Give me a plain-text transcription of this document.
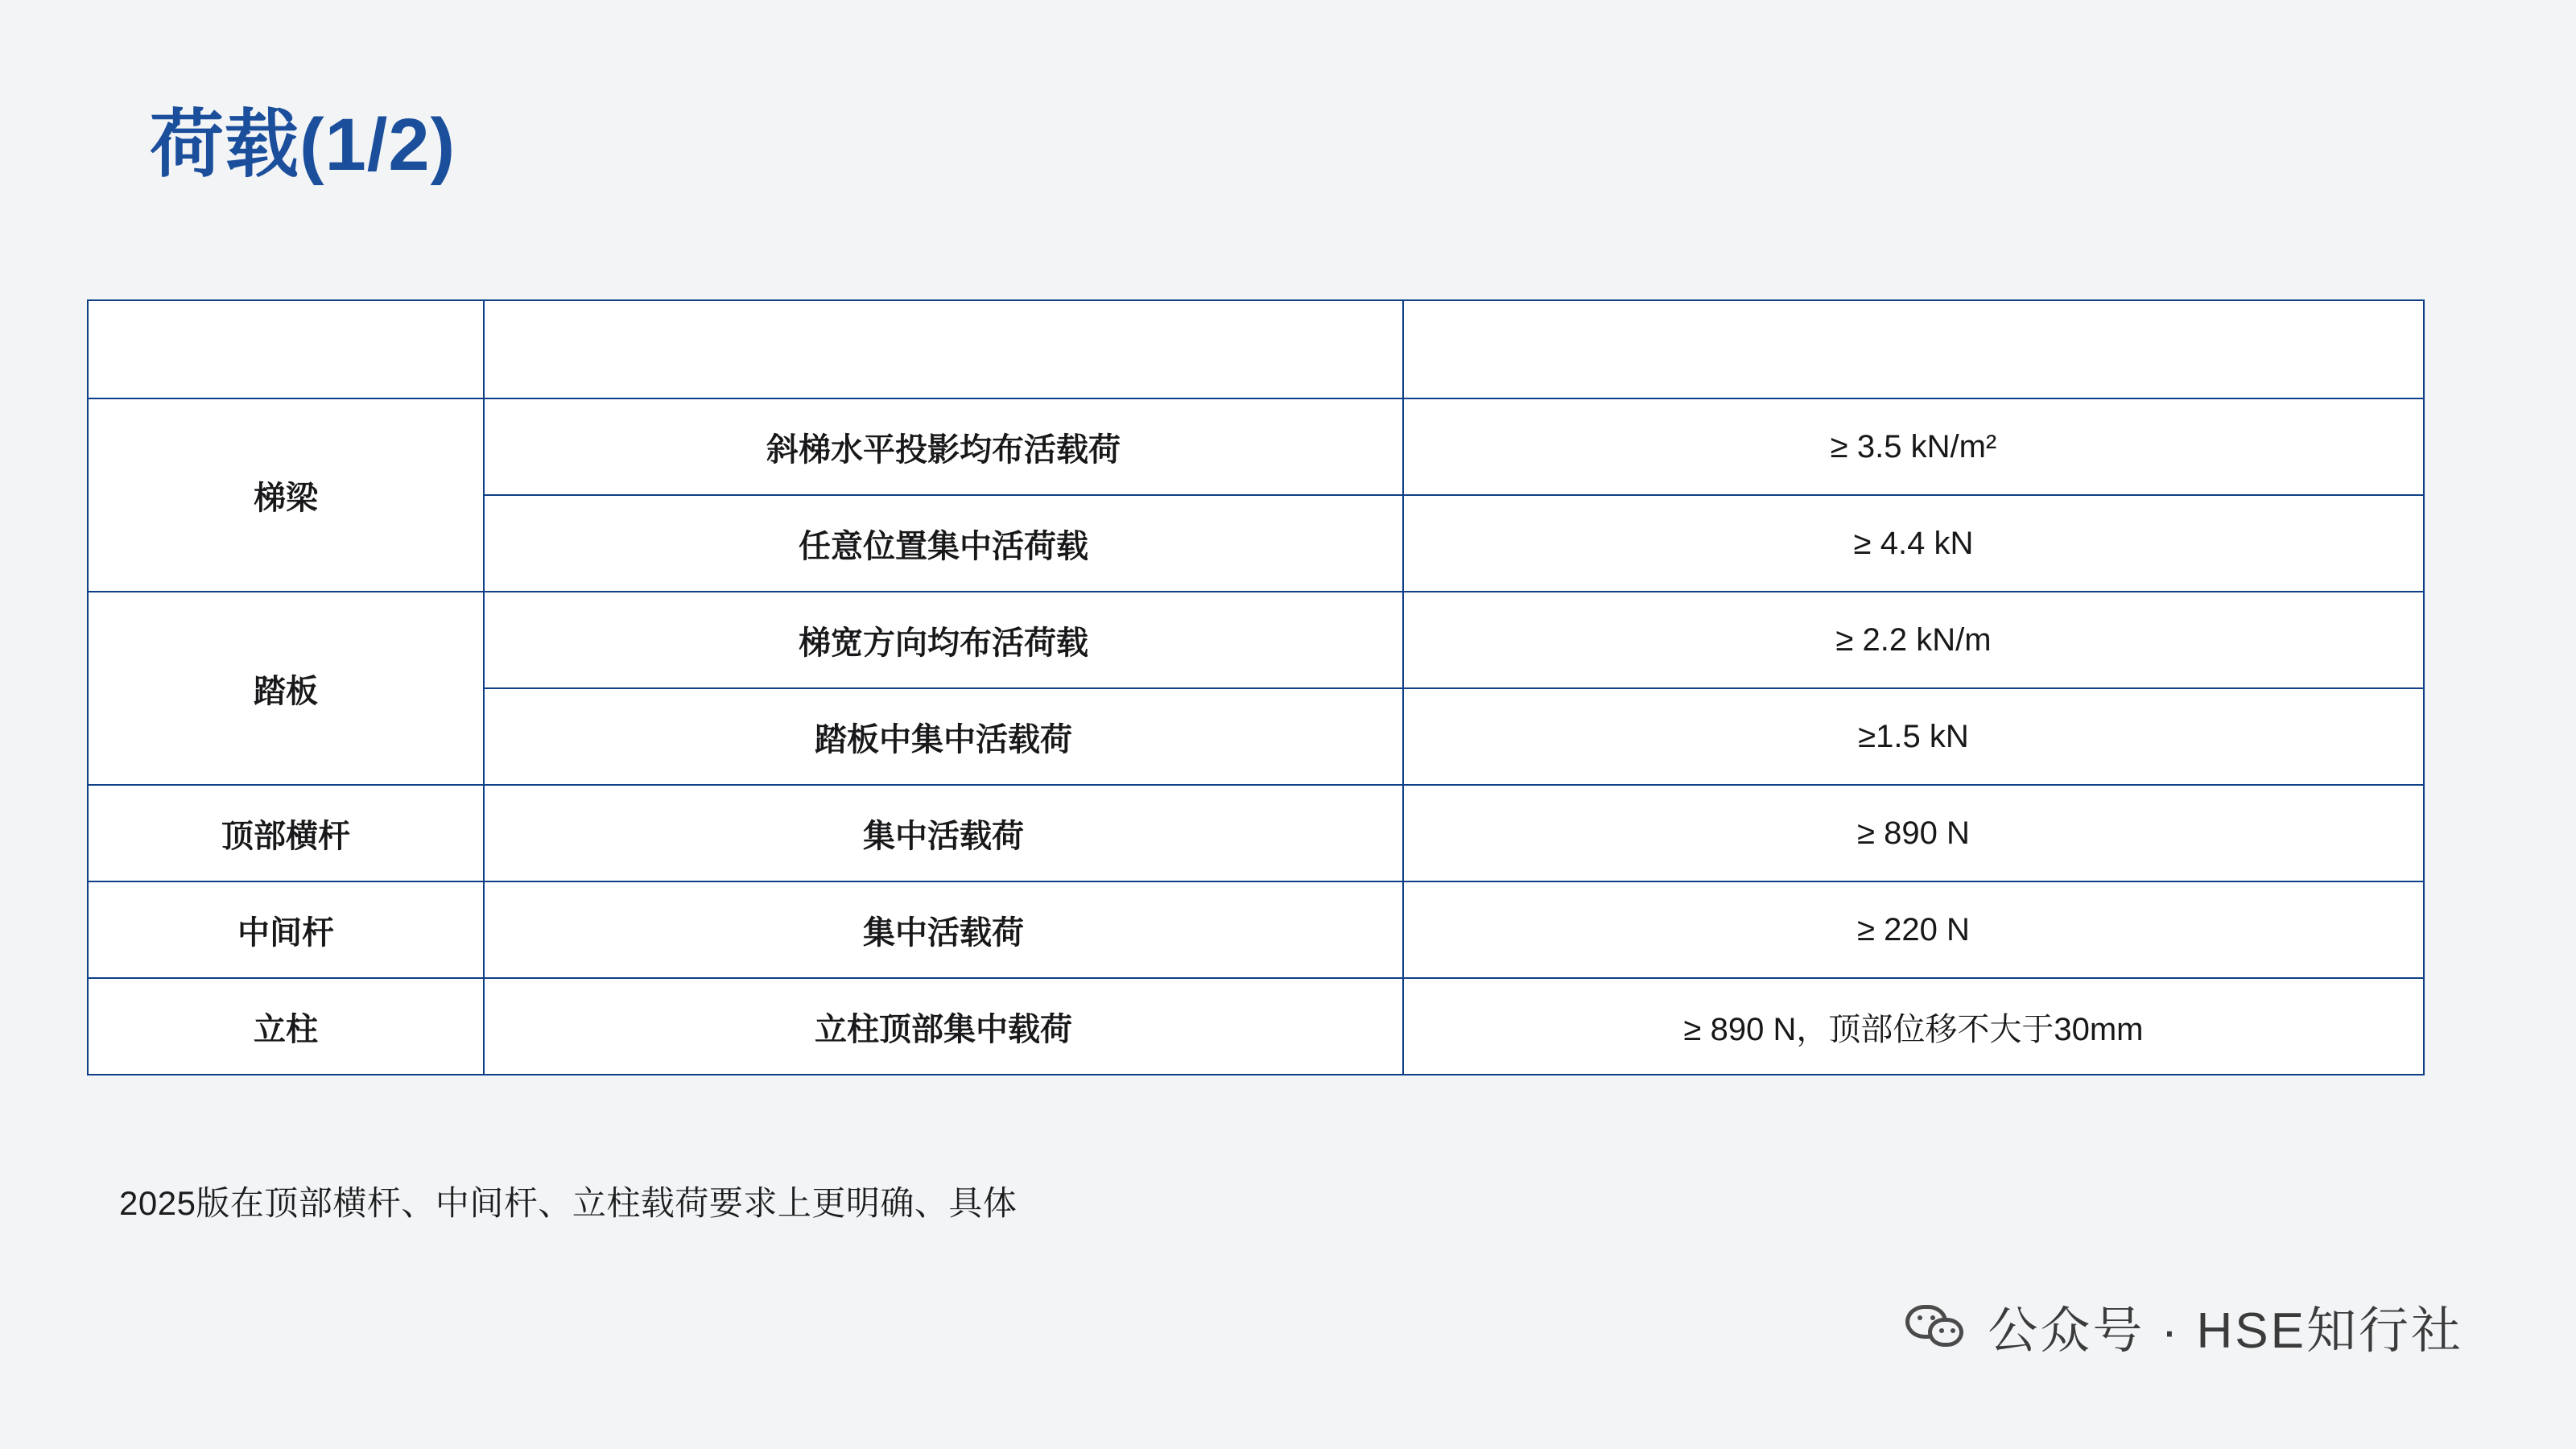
荷载(1/2)
位置	载荷类型	2025版
梯梁	斜梯水平投影均布活载荷	≥ 3.5 kN/m²
	任意位置集中活荷载	≥ 4.4 kN
踏板	梯宽方向均布活荷载	≥ 2.2 kN/m
	踏板中集中活载荷	≥1.5 kN
顶部横杆	集中活载荷	≥ 890 N
中间杆	集中活载荷	≥ 220 N
立柱	立柱顶部集中载荷	≥ 890 N，顶部位移不大于30mm
2025版在顶部横杆、中间杆、立柱载荷要求上更明确、具体
公众号 · HSE知行社
